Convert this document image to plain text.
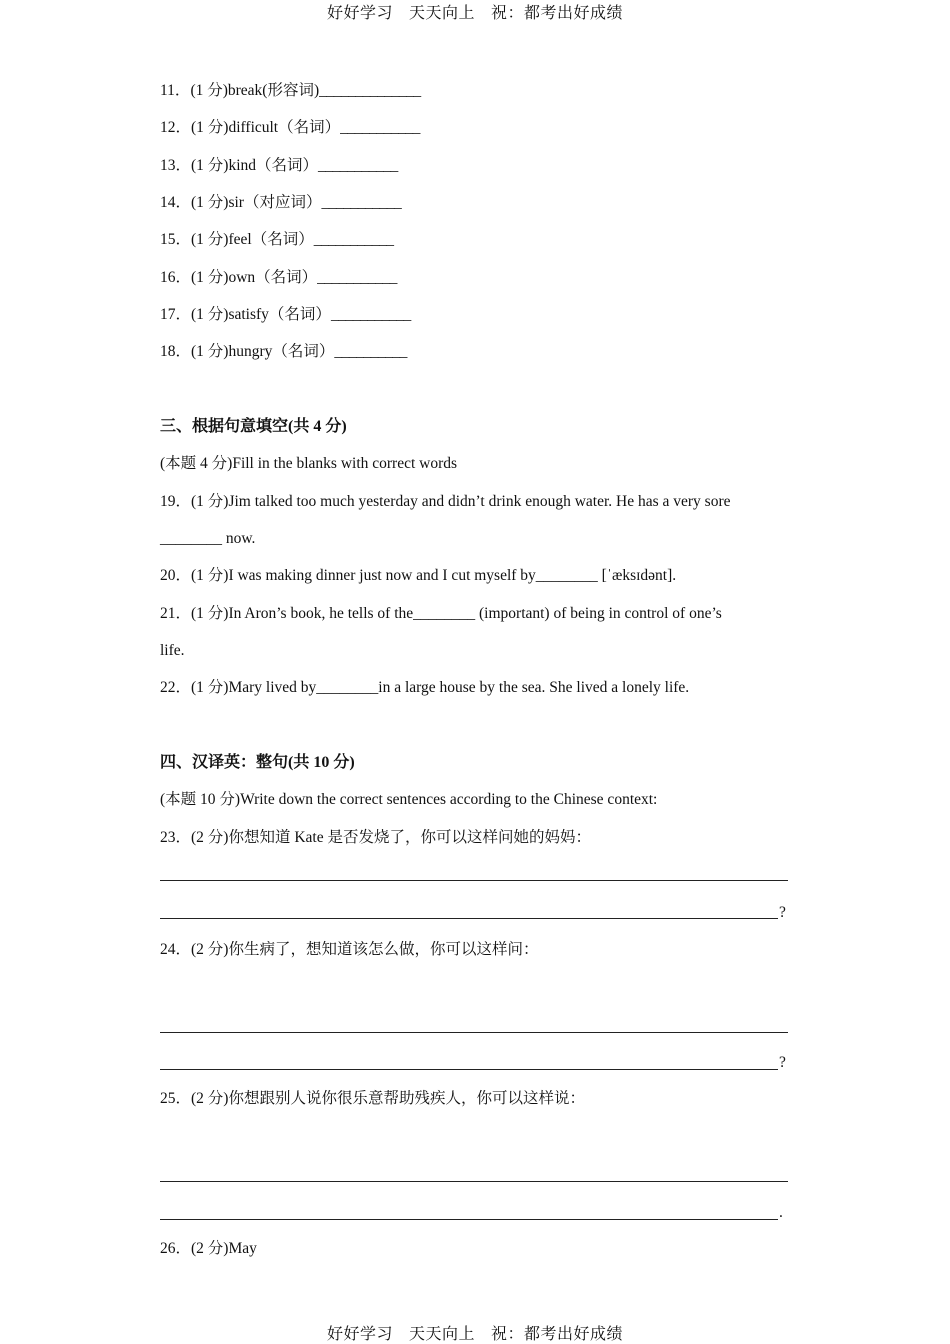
好好学习 天天向上 祝：都考出好成绩
11．(1 分)break(形容词)______________
12．(1 分)difficult（名词）___________
13．(1 分)kind（名词）___________
14．(1 分)sir（对应词）___________
15．(1 分)feel（名词）___________
16．(1 分)own（名词）___________
17．(1 分)satisfy（名词）___________
18．(1 分)hungry（名词）__________
三、根据句意填空(共 4 分)
(本题 4 分)Fill in the blanks with correct words
19．(1 分)Jim talked too much yesterday and didn’t drink enough water. He has a very sore
________ now.
20．(1 分)I was making dinner just now and I cut myself by________ [ˈæksɪdənt].
21．(1 分)In Aron’s book, he tells of the________ (important) of being in control of one’s
life.
22．(1 分)Mary lived by________in a large house by the sea. She lived a lonely life.
四、汉译英：整句(共 10 分)
(本题 10 分)Write down the correct sentences according to the Chinese context:
23．(2 分)你想知道 Kate 是否发烧了，你可以这样问她的妈妈：
?
24．(2 分)你生病了，想知道该怎么做，你可以这样问：
?
25．(2 分)你想跟别人说你很乐意帮助残疾人，你可以这样说：
.
26．(2 分)May
好好学习 天天向上 祝：都考出好成绩
